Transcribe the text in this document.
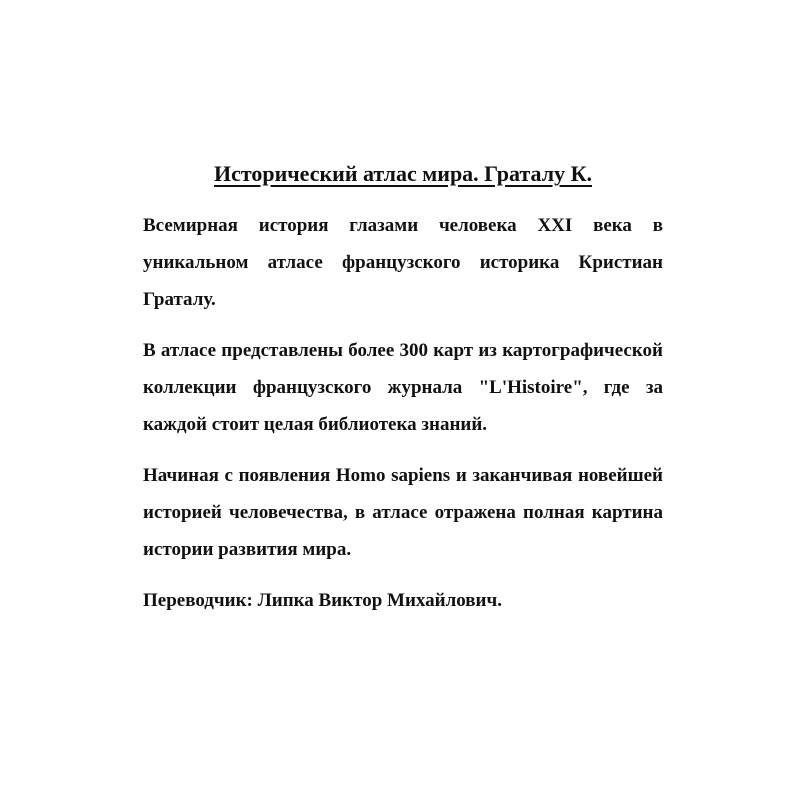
Исторический атлас мира. Граталу К.

Всемирная история глазами человека XXI века в уникальном атласе французского историка Кристиан Граталу.

В атласе представлены более 300 карт из картографической коллекции французского журнала "L'Histoire", где за каждой стоит целая библиотека знаний.

Начиная с появления Homo sapiens и заканчивая новейшей историей человечества, в атласе отражена полная картина истории развития мира.

Переводчик: Липка Виктор Михайлович.
